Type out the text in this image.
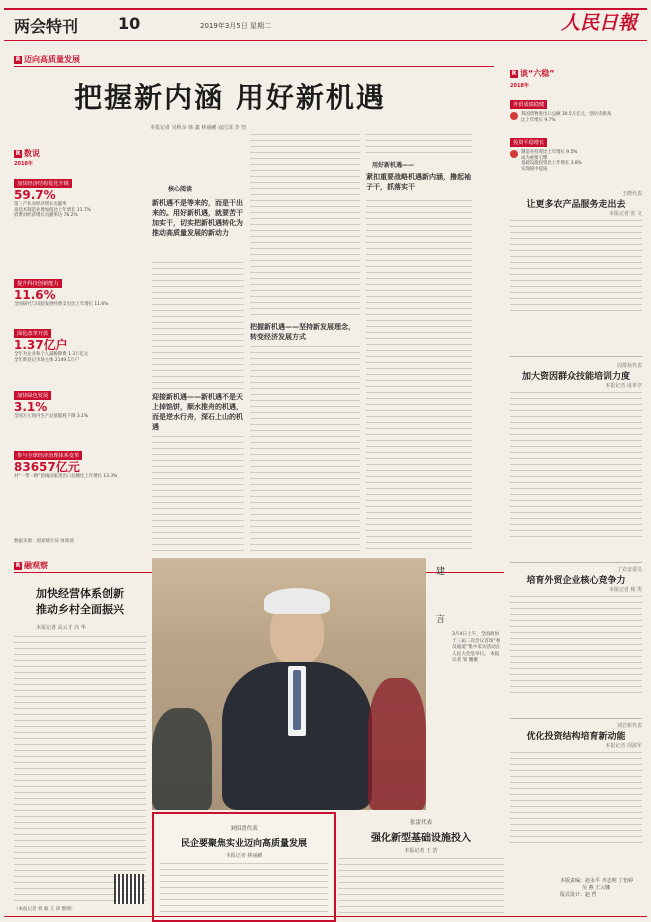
两会特刊 10	2019年3月5日 星期二	人民日報
R 迈向高质量发展
把握新内涵 用好新机遇
本报记者 吴秋余 韩 鑫 林丽鹂 寇江泽 李 坚
R 数说
2018年
加快经济结构优化升级
59.7%
第三产业对经济增长贡献率
高技术制造业增加值比上年增长 11.7%
消费对经济增长贡献率达 76.2%
提升科技创新能力
11.6%
全国研究与试验发展经费支出比上年增长 11.6%
深化改革开放
1.37亿户
全年为企业和个人减税降费 1.3万亿元
全年新登记市场主体 2149.1万户
加快绿色发展
3.1%
全国万元国内生产总值能耗下降 3.1%
参与全球经济治理体系变革
83657亿元
对“一带一路”沿线国家进出口总额比上年增长 13.3%
数据来源：国家统计局 财政部
核心阅读
新机遇不是等来的，而是干出来的。用好新机遇，就要苦干加实干，切实把新机遇转化为推动高质量发展的新动力
迎接新机遇——新机遇不是天上掉馅饼，顺水推舟的机遇，而是逆水行舟，深石上山的机遇
把握新机遇——坚持新发展理念，转变经济发展方式
用好新机遇——
紧扣重要战略机遇新内涵，撸起袖子干，抓落实干
R 谈“六稳”
2018年
外贸成绩稳健
我国货物进出口总额 30.5万亿元，创历史新高
比上年增长 9.7%
投资平稳增长
制造业投资比上年增长 9.5%
成为重要引擎
基础设施投资比上年增长 3.8%
实现稳中提质
王晓代表
让更多农产品服务走出去
本报记者 张 文
周群孙代表
加大资因群众技能培训力度
本报记者 庞革亭
丁农安委员
培育外贸企业核心竞争力
本报记者 杨 笑
刘岩新代表
优化投资结构培育新动能
本报记者 周波军
本版责编：赵永平 齐志明 丁怡婷
吴 燕 王云娜
版式设计：赵 哲
R 融观察
加快经营体系创新
推动乡村全面振兴
本报记者 高云才 冯 华
（本报记者 刘 毅 王 沛 整理）
建 言	3月4日上午，全国政协十三届二次会议首场“委员通道”集中采访活动在人民大会堂举行。 本报记者 邹 鹏摄
刘招喜代表
民企要聚焦实业迈向高质量发展
本报记者 林丽鹂
张雷代表
强化新型基础设施投入
本报记者 王 浩
